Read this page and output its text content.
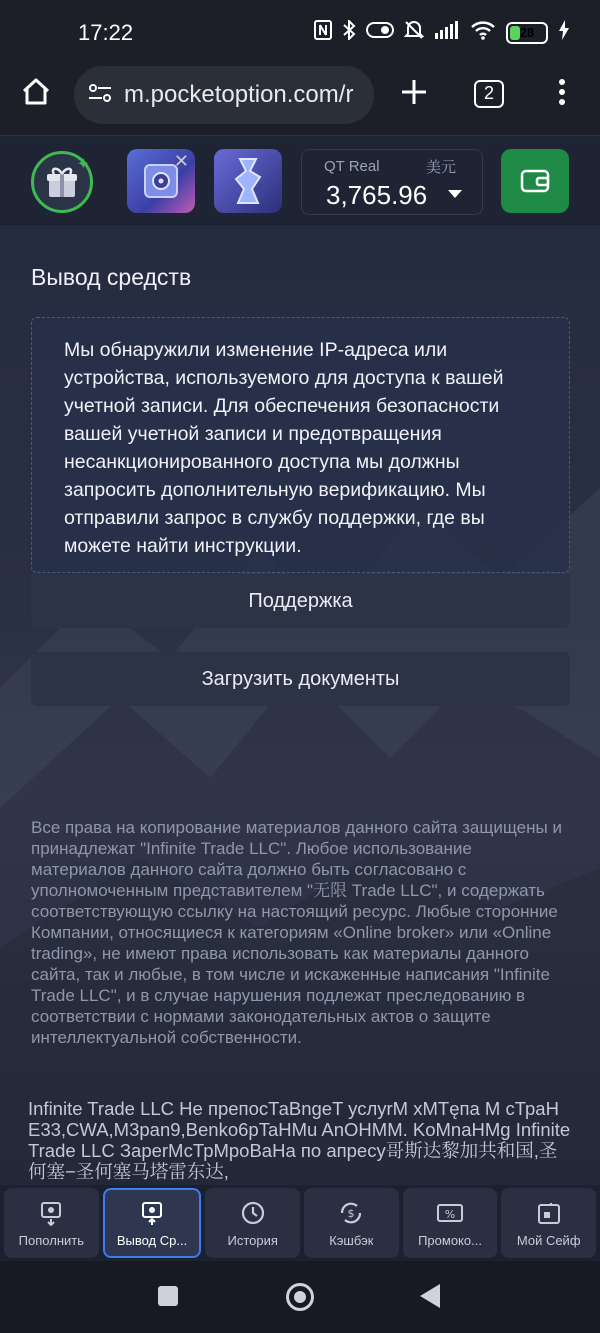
17:22	28
m.pocketoption.com/r	2
✦	✕	QT Real	美元
3,765.96
Вывод средств
Мы обнаружили изменение IP-адреса или устройства, используемого для доступа к вашей учетной записи. Для обеспечения безопасности вашей учетной записи и предотвращения несанкционированного доступа мы должны запросить дополнительную верификацию. Мы отправили запрос в службу поддержки, где вы можете найти инструкции.
Поддержка
Загрузить документы
Все права на копирование материалов данного сайта защищены и принадлежат "Infinite Trade LLC". Любое использование материалов данного сайта должно быть согласовано с уполномоченным представителем "无限 Trade LLC", и содержать соответствующую ссылку на настоящий ресурс. Любые сторонние Компании, относящиеся к категориям «Online broker» или «Online trading», не имеют права использовать как материалы данного сайта, так и любые, в том числе и искаженные написания "Infinite Trade LLC", и в случае нарушения подлежат преследованию в соответствии с нормами законодательных актов о защите интеллектуальной собственности.
Infinite Trade LLC Не препосТаВngeT услуrМ хМТęпа М сТраН Е33,CWA,М3pan9,Benko6pTaHMu AnOHMM. KoMnaHMg Infinite Trade LLC ЗарerМсТрМроВаНа по апресу哥斯达黎加共和国,圣何塞−圣何塞马塔雷东达,
Пополнить	Вывод Ср...	История
$
Кэшбэк
%
Промоко...	Мой Сейф
